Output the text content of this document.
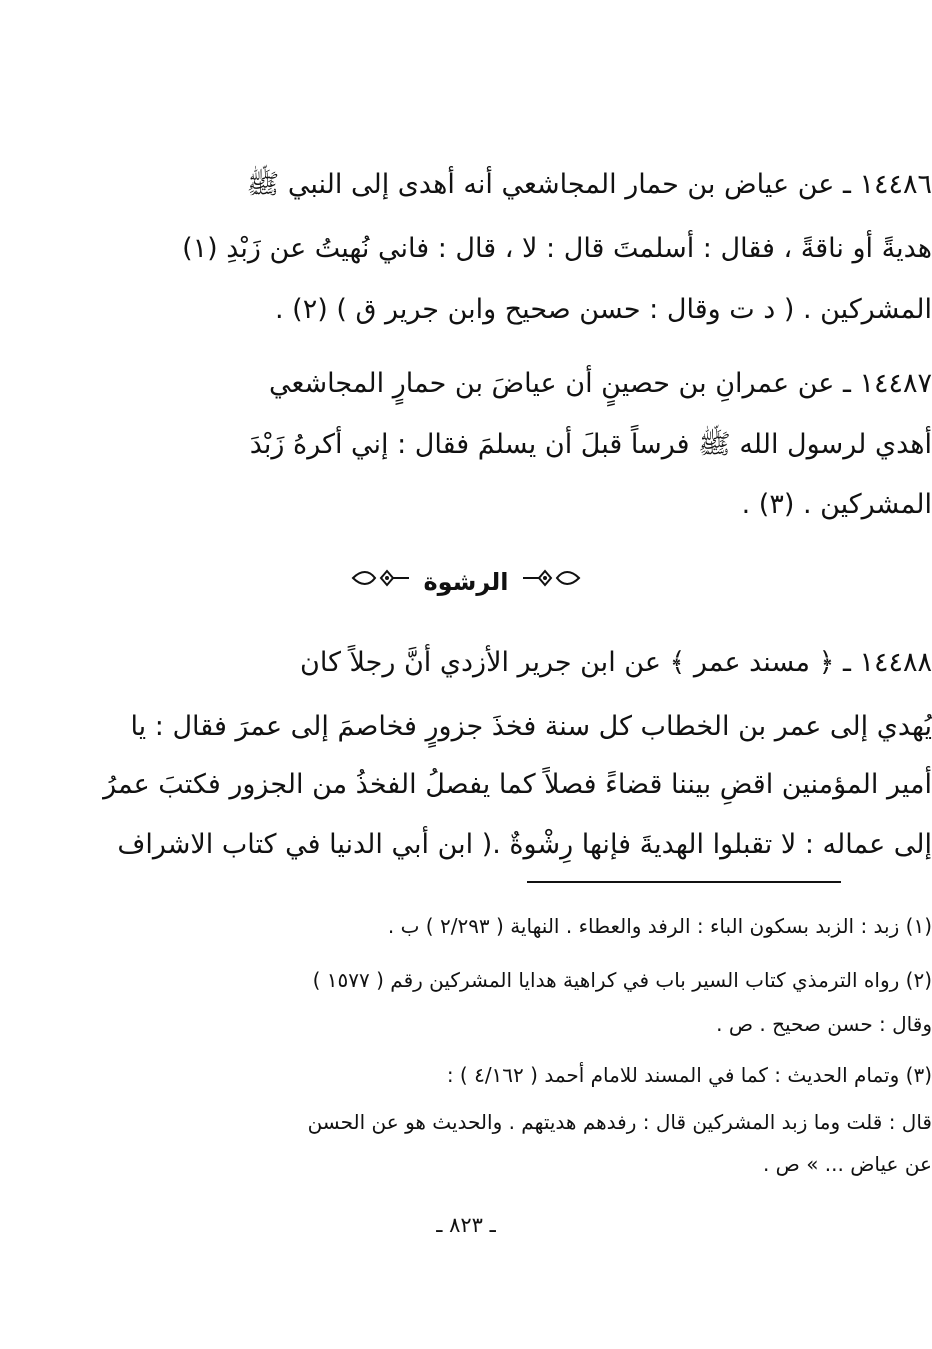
١٤٤٨٦ ـ عن عياض بن حمار المجاشعي أنه أهدى إلى النبي ﷺ
هديةً أو ناقةً ، فقال : أسلمتَ قال : لا ، قال : فاني نُهيتُ عن زَبْدِ (١)
المشركين . ( د ت وقال : حسن صحيح وابن جرير ق ) (٢) .
١٤٤٨٧ ـ عن عمرانِ بن حصينٍ أن عياضَ بن حمارٍ المجاشعي
أهدي لرسول الله ﷺ فرساً قبلَ أن يسلمَ فقال : إني أكرهُ زَبْدَ
المشركين . (٣) .
الرشوة
١٤٤٨٨ ـ ﴿ مسند عمر ﴾ عن ابن جرير الأزدي أنَّ رجلاً كان
يُهدي إلى عمر بن الخطاب كل سنة فخذَ جزورٍ فخاصمَ إلى عمرَ فقال : يا
أمير المؤمنين اقضِ بيننا قضاءً فصلاً كما يفصلُ الفخذُ من الجزور فكتبَ عمرُ
إلى عماله : لا تقبلوا الهديةَ فإنها رِشْوةٌ .( ابن أبي الدنيا في كتاب الاشراف
(١) زبد : الزبد بسكون الباء : الرفد والعطاء . النهاية ( ٢/٢٩٣ ) ب .
(٢) رواه الترمذي كتاب السير باب في كراهية هدايا المشركين رقم ( ١٥٧٧ )
وقال : حسن صحيح . ص .
(٣) وتمام الحديث : كما في المسند للامام أحمد ( ٤/١٦٢ ) :
قال : قلت وما زبد المشركين قال : رفدهم هديتهم . والحديث هو عن الحسن
عن عياض ... » ص .
ـ ٨٢٣ ـ
